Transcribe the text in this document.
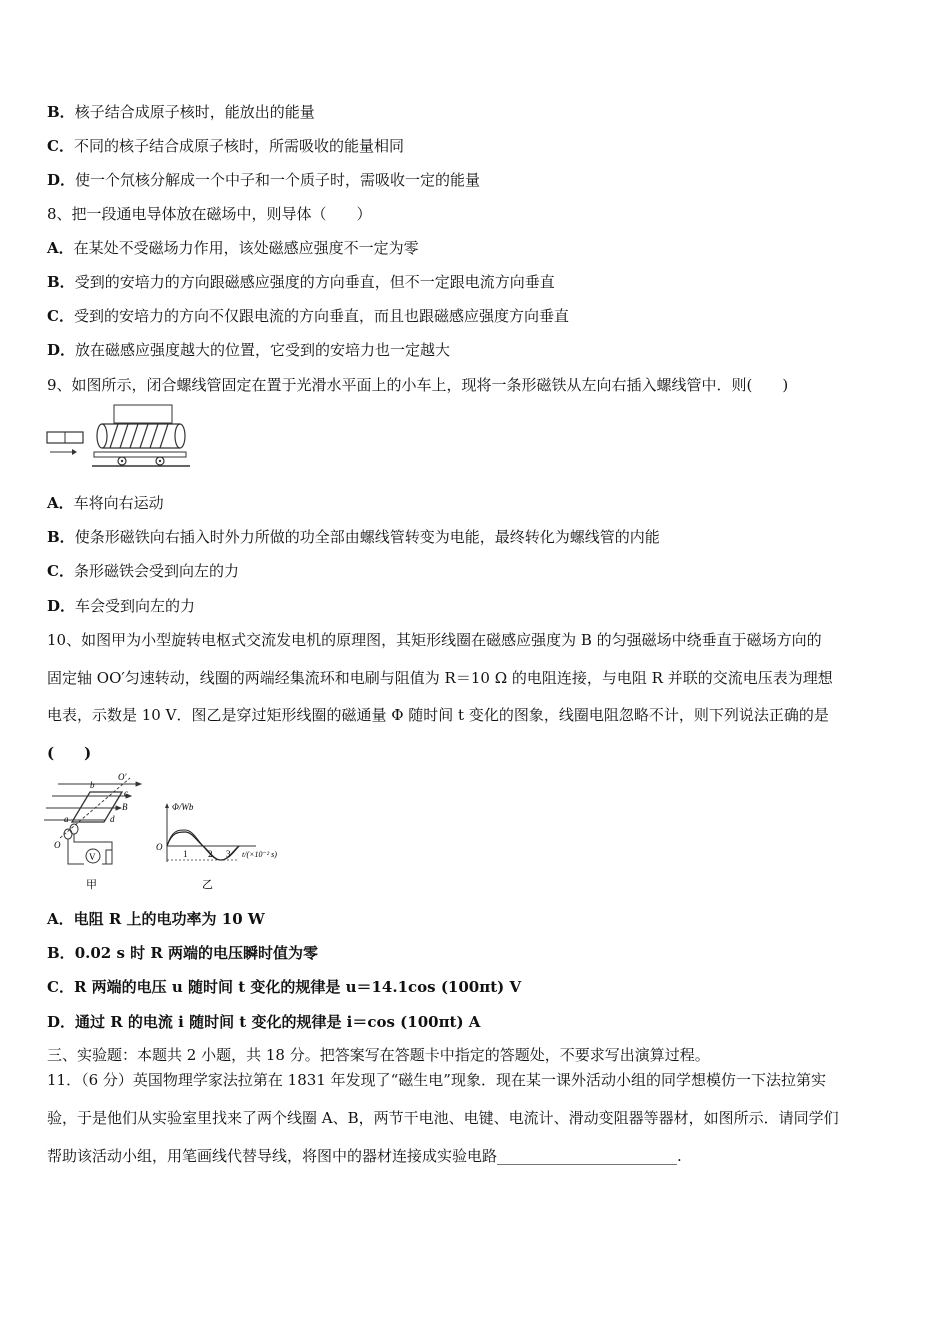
B．核子结合成原子核时，能放出的能量
C．不同的核子结合成原子核时，所需吸收的能量相同
D．使一个氘核分解成一个中子和一个质子时，需吸收一定的能量
8、把一段通电导体放在磁场中，则导体（　　）
A．在某处不受磁场力作用，该处磁感应强度不一定为零
B．受到的安培力的方向跟磁感应强度的方向垂直，但不一定跟电流方向垂直
C．受到的安培力的方向不仅跟电流的方向垂直，而且也跟磁感应强度方向垂直
D．放在磁感应强度越大的位置，它受到的安培力也一定越大
9、如图所示，闭合螺线管固定在置于光滑水平面上的小车上，现将一条形磁铁从左向右插入螺线管中．则(　　)
A．车将向右运动
B．使条形磁铁向右插入时外力所做的功全部由螺线管转变为电能，最终转化为螺线管的内能
C．条形磁铁会受到向左的力
D．车会受到向左的力
10、如图甲为小型旋转电枢式交流发电机的原理图，其矩形线圈在磁感应强度为 B 的匀强磁场中绕垂直于磁场方向的
固定轴 OO′匀速转动，线圈的两端经集流环和电刷与阻值为 R＝10 Ω 的电阻连接，与电阻 R 并联的交流电压表为理想
电表，示数是 10 V．图乙是穿过矩形线圈的磁通量 Φ 随时间 t 变化的图象，线圈电阻忽略不计，则下列说法正确的是
(　　)
O′
b
c
B
d
a
O
V
甲
Φ/Wb
O
1 2 3 t/(×10⁻² s)
乙
A．电阻 R 上的电功率为 10 W
B．0.02 s 时 R 两端的电压瞬时值为零
C．R 两端的电压 u 随时间 t 变化的规律是 u＝14.1cos (100πt) V
D．通过 R 的电流 i 随时间 t 变化的规律是 i＝cos (100πt) A
三、实验题：本题共 2 小题，共 18 分。把答案写在答题卡中指定的答题处，不要求写出演算过程。
11．（6 分）英国物理学家法拉第在 1831 年发现了“磁生电”现象．现在某一课外活动小组的同学想模仿一下法拉第实
验，于是他们从实验室里找来了两个线圈 A、B，两节干电池、电键、电流计、滑动变阻器等器材，如图所示．请同学们
帮助该活动小组，用笔画线代替导线，将图中的器材连接成实验电路________________________.
